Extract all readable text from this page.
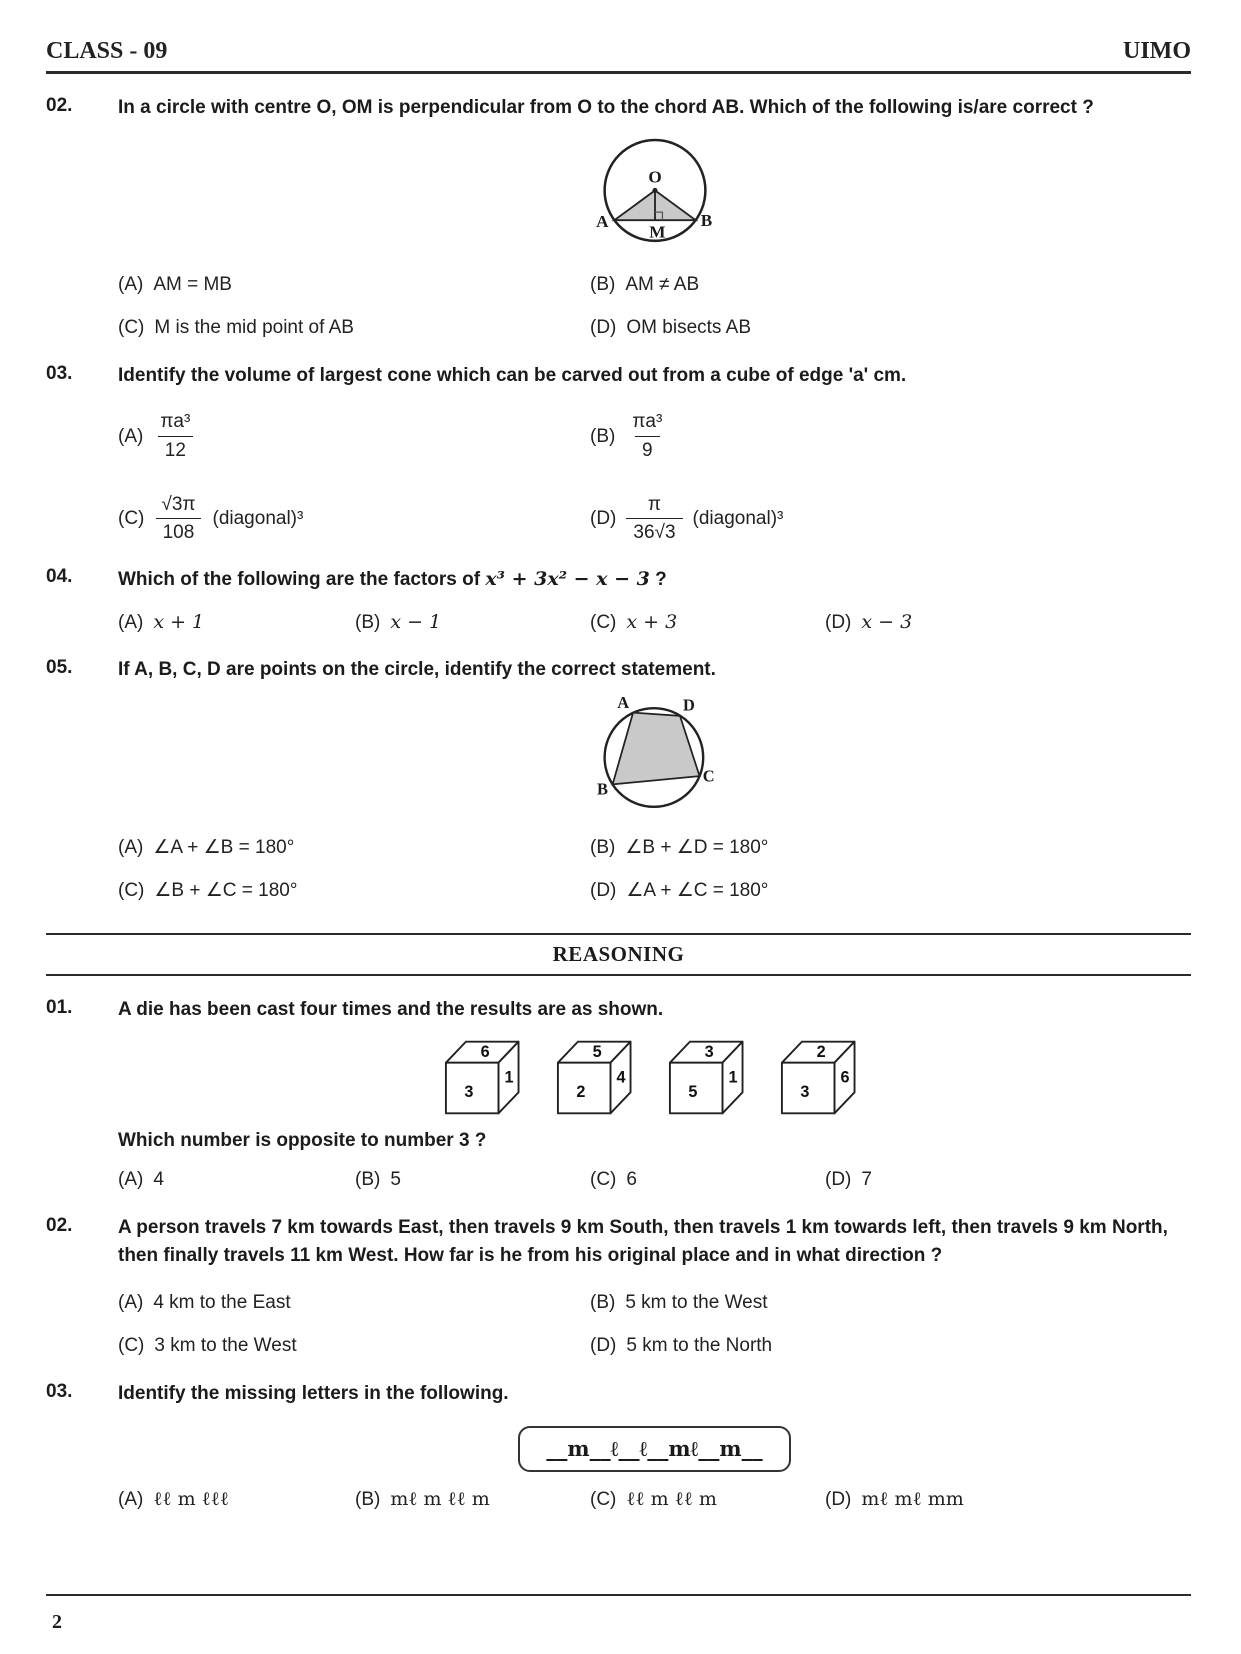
CLASS - 09	UIMO
02.	In a circle with centre O, OM is perpendicular from O to the chord AB. Which of the following is/are correct ?
O
A	B
M
(A) AM = MB	(B) AM ≠ AB
(C) M is the mid point of AB	(D) OM bisects AB
03.	Identify the volume of largest cone which can be carved out from a cube of edge 'a' cm.
$(A) \frac{\text{πa³}}{12}$	$(B) \frac{\text{πa³}}{9}$
$(C) \frac{√3\pi}{108}$ (diagonal)³	$(D) \frac{\pi}{36√3}$ (diagonal)³
04.	Which of the following are the factors of x³ + 3x² − x − 3 ?
(A) x + 1	(B) x − 1	(C) x + 3	(D) x − 3
05.	If A, B, C, D are points on the circle, identify the correct statement.
A	D
C
B
(A) ∠A + ∠B = 180°	(B) ∠B + ∠D = 180°
(C) ∠B + ∠C = 180°	(D) ∠A + ∠C = 180°
REASONING
01.	A die has been cast four times and the results are as shown.
6
3
1
5
2
4
3
5
1
2
3
6
Which number is opposite to number 3 ?
(A) 4	(B) 5	(C) 6	(D) 7
02.	A person travels 7 km towards East, then travels 9 km South, then travels 1 km towards left, then travels 9 km North, then finally travels 11 km West. How far is he from his original place and in what direction ?
(A) 4 km to the East	(B) 5 km to the West
(C) 3 km to the West	(D) 5 km to the North
03.	Identify the missing letters in the following.
__m__ℓ__ℓ__mℓ__m__
(A) ℓℓ m ℓℓℓ	(B) mℓ m ℓℓ m	(C) ℓℓ m ℓℓ m	(D) mℓ mℓ mm
2
